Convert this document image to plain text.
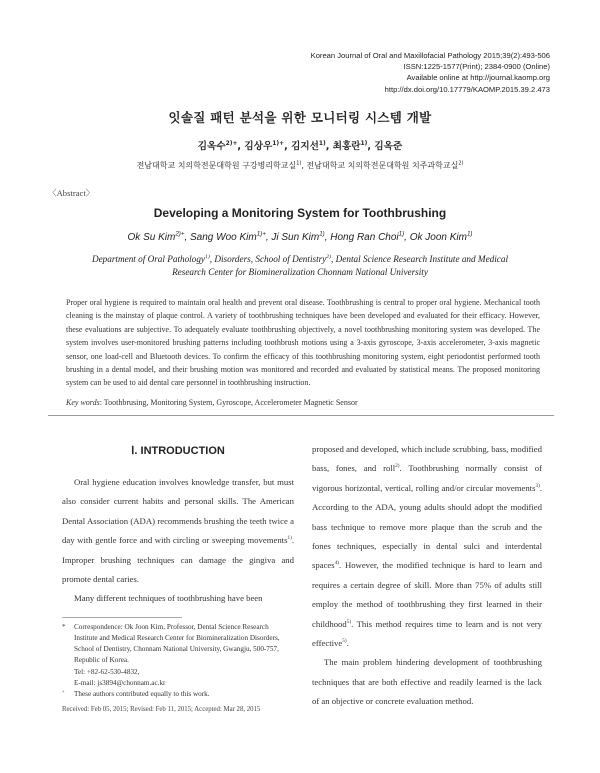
Korean Journal of Oral and Maxillofacial Pathology 2015;39(2):493-506
ISSN:1225-1577(Print); 2384-0900 (Online)
Available online at http://journal.kaomp.org
http://dx.doi.org/10.17779/KAOMP.2015.39.2.473
잇솔질 패턴 분석을 위한 모니터링 시스템 개발
김옥수$^{2)+}$, 김상우$^{1)+}$, 김지선$^{1)}$, 최홍란$^{1)}$, 김옥준
전남대학교 치의학전문대학원 구강병리학교실$^{1)}$, 전남대학교 치의학전문대학원 치주과학교실$^{2)}$
〈Abstract〉
Developing a Monitoring System for Toothbrushing
Ok Su Kim$^{2)+}$, Sang Woo Kim$^{1)+}$, Ji Sun Kim$^{1)}$, Hong Ran Choi$^{1)}$, Ok Joon Kim$^{1)}$
Department of Oral Pathology$^{1)}$, Disorders, School of Dentistry$^{2)}$, Dental Science Research Institute and Medical
Research Center for Biomineralization Chonnam National University
Proper oral hygiene is required to maintain oral health and prevent oral disease. Toothbrushing is central to proper oral hygiene. Mechanical tooth cleaning is the mainstay of plaque control. A variety of toothbrushing techniques have been developed and evaluated for their efficacy. However, these evaluations are subjective. To adequately evaluate toothbrushing objectively, a novel toothbrushing monitoring system was developed. The system involves user-monitored brushing patterns including toothbrush motions using a 3-axis gyroscope, 3-axis accelerometer, 3-axis magnetic sensor, one load-cell and Bluetooth devices. To confirm the efficacy of this toothbrushing monitoring system, eight periodontist performed tooth brushing in a dental model, and their brushing motion was monitored and recorded and evaluated by statistical means. The proposed monitoring system can be used to aid dental care personnel in toothbrushing instruction.
Key words: Toothbrusing, Monitoring System, Gyroscope, Accelerometer Magnetic Sensor
Ⅰ. INTRODUCTION

Oral hygiene education involves knowledge transfer, but must also consider current habits and personal skills. The American Dental Association (ADA) recommends brushing the teeth twice a day with gentle force and with circling or sweeping movements$^{1)}$. Improper brushing techniques can damage the gingiva and promote dental caries.

Many different techniques of toothbrushing have been

*	Correspondence: Ok Joon Kim, Professor, Dental Science Research Institute and Medical Research Center for Biomineralization Disorders, School of Dentistry, Chonnam National University, Gwangju, 500-757, Republic of Korea.
Tel: +82-62-530-4832,
E-mail: js3894@chonnam.ac.kr
+	These authors contributed equally to this work.
Received: Feb 05, 2015; Revised: Feb 11, 2015; Accepted: Mar 28, 2015

proposed and developed, which include scrubbing, bass, modified bass, fones, and roll$^{2)}$. Toothbrushing normally consist of vigorous horizontal, vertical, rolling and/or circular movements$^{3)}$. According to the ADA, young adults should adopt the modified bass technique to remove more plaque than the scrub and the fones techniques, especially in dental sulci and interdental spaces$^{4)}$. However, the modified technique is hard to learn and requires a certain degree of skill. More than 75% of adults still employ the method of toothbrushing they first learned in their childhood$^{5)}$. This method requires time to learn and is not very effective$^{5)}$.

The main problem hindering development of toothbrushing techniques that are both effective and readily learned is the lack of an objective or concrete evaluation method.
